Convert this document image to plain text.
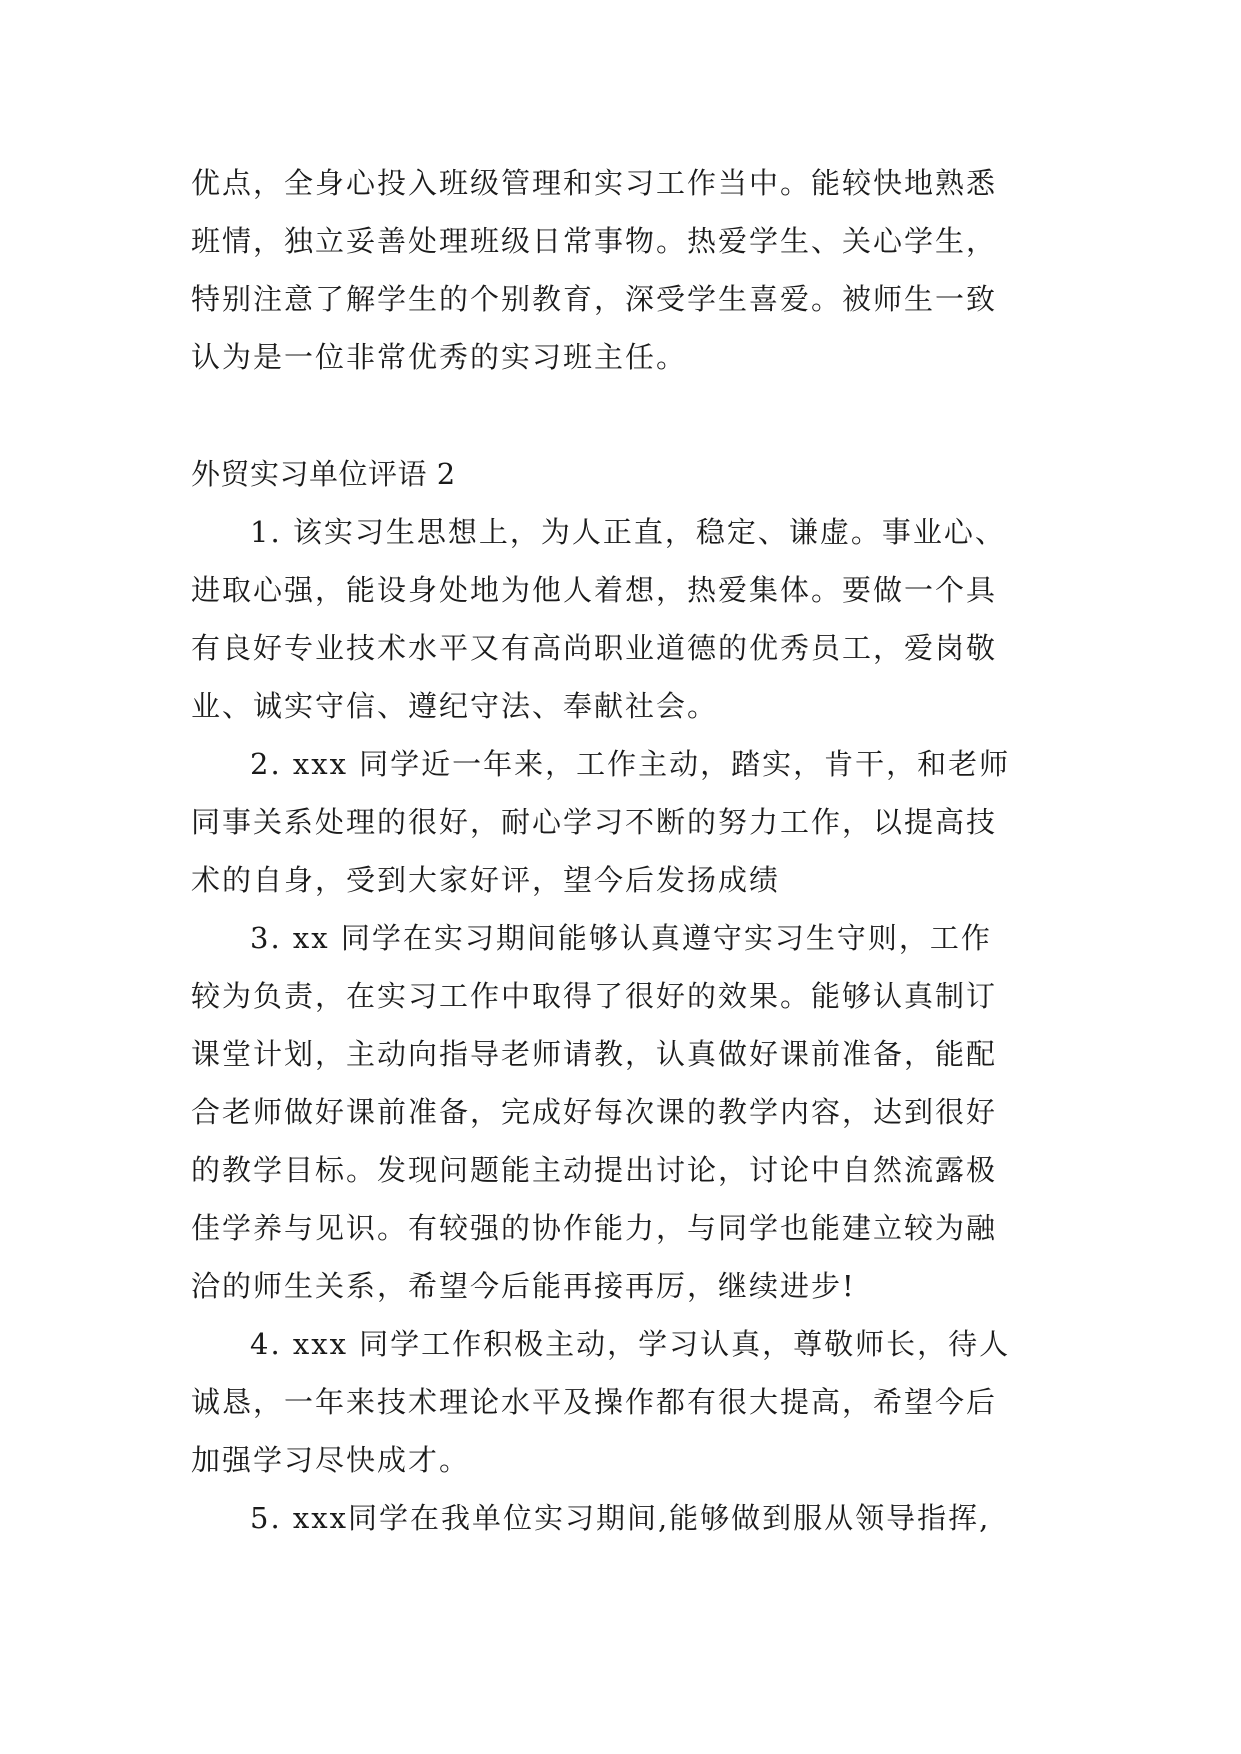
优点，全身心投入班级管理和实习工作当中。能较快地熟悉
班情，独立妥善处理班级日常事物。热爱学生、关心学生，
特别注意了解学生的个别教育，深受学生喜爱。被师生一致
认为是一位非常优秀的实习班主任。
外贸实习单位评语 2
1. 该实习生思想上，为人正直，稳定、谦虚。事业心、
进取心强，能设身处地为他人着想，热爱集体。要做一个具
有良好专业技术水平又有高尚职业道德的优秀员工，爱岗敬
业、诚实守信、遵纪守法、奉献社会。
2. xxx 同学近一年来，工作主动，踏实，肯干，和老师
同事关系处理的很好，耐心学习不断的努力工作，以提高技
术的自身，受到大家好评，望今后发扬成绩
3. xx 同学在实习期间能够认真遵守实习生守则，工作
较为负责，在实习工作中取得了很好的效果。能够认真制订
课堂计划，主动向指导老师请教，认真做好课前准备，能配
合老师做好课前准备，完成好每次课的教学内容，达到很好
的教学目标。发现问题能主动提出讨论，讨论中自然流露极
佳学养与见识。有较强的协作能力，与同学也能建立较为融
洽的师生关系，希望今后能再接再厉，继续进步!
4. xxx 同学工作积极主动，学习认真，尊敬师长，待人
诚恳，一年来技术理论水平及操作都有很大提高，希望今后
加强学习尽快成才。
5. xxx同学在我单位实习期间,能够做到服从领导指挥,
